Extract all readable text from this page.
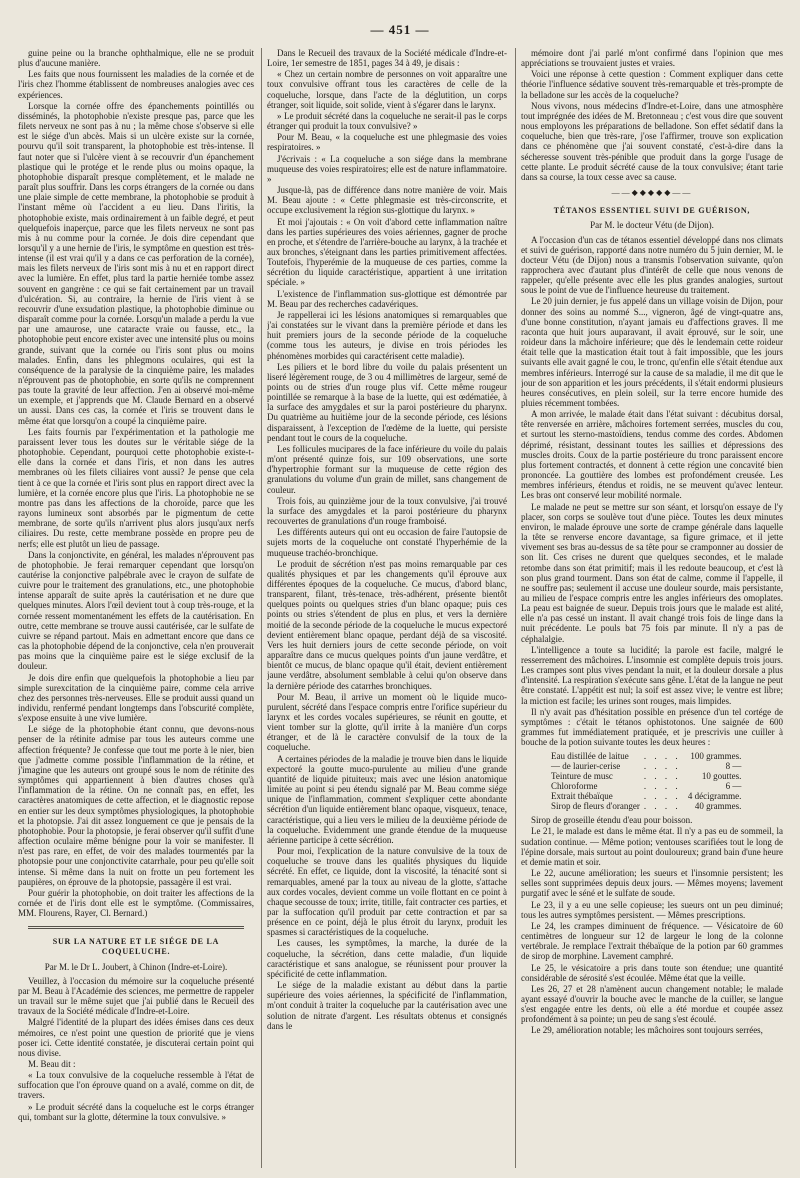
— 451 —

guine peine ou la branche ophthalmique, elle ne se produit plus d'aucune manière.

Les faits que nous fournissent les maladies de la cornée et de l'iris chez l'homme établissent de nombreuses analogies avec ces expériences.

Lorsque la cornée offre des épanchements pointillés ou disséminés, la photophobie n'existe presque pas, parce que les filets nerveux ne sont pas à nu ; la même chose s'observe si elle est le siége d'un abcès. Mais si un ulcère existe sur la cornée, pourvu qu'il soit transparent, la photophobie est très-intense. Il faut noter que si l'ulcère vient à se recouvrir d'un épanchement plastique qui le protége et le rende plus ou moins opaque, la photophobie disparaît presque complètement, et le malade ne paraît plus souffrir. Dans les corps étrangers de la cornée ou dans une plaie simple de cette membrane, la photophobie se produit à l'instant même où l'accident a eu lieu. Dans l'iritis, la photophobie existe, mais ordinairement à un faible degré, et peut quelquefois inaperçue, parce que les filets nerveux ne sont pas mis à nu comme pour la cornée. Je dois dire cependant que lorsqu'il y a une hernie de l'iris, le symptôme en question est très-intense (il est vrai qu'il y a dans ce cas perforation de la cornée), mais les filets nerveux de l'iris sont mis à nu et en rapport direct avec la lumière. En effet, plus tard la partie herniée tombe assez souvent en gangrène : ce qui se fait certainement par un travail d'ulcération. Si, au contraire, la hernie de l'iris vient à se recouvrir d'une exsudation plastique, la photophobie diminue ou disparaît comme pour la cornée. Lorsqu'un malade a perdu la vue par une amaurose, une cataracte vraie ou fausse, etc., la photophobie peut encore exister avec une intensité plus ou moins grande, suivant que la cornée ou l'iris sont plus ou moins malades. Enfin, dans les phlegmons oculaires, qui est la conséquence de la paralysie de la cinquième paire, les malades n'éprouvent pas de photophobie, en sorte qu'ils ne comprennent pas toute la gravité de leur affection. J'en ai observé moi-même un exemple, et j'apprends que M. Claude Bernard en a observé un aussi. Dans ces cas, la cornée et l'iris se trouvent dans le même état que lorsqu'on a coupé la cinquième paire.

Les faits fournis par l'expérimentation et la pathologie me paraissent lever tous les doutes sur le véritable siége de la photophobie. Cependant, pourquoi cette photophobie existe-t-elle dans la cornée et dans l'iris, et non dans les autres membranes où les filets ciliaires vont aussi? Je pense que cela tient à ce que la cornée et l'iris sont plus en rapport direct avec la lumière, et la cornée encore plus que l'iris. La photophobie ne se montre pas dans les affections de la choroïde, parce que les rayons lumineux sont absorbés par le pigmentum de cette membrane, de sorte qu'ils n'arrivent plus alors jusqu'aux nerfs ciliaires. Du reste, cette membrane possède en propre peu de nerfs; elle est plutôt un lieu de passage.

Dans la conjonctivite, en général, les malades n'éprouvent pas de photophobie. Je ferai remarquer cependant que lorsqu'on cautérise la conjonctive palpébrale avec le crayon de sulfate de cuivre pour le traitement des granulations, etc., une photophobie intense apparaît de suite après la cautérisation et ne dure que quelques minutes. Alors l'œil devient tout à coup très-rouge, et la cornée ressent momentanément les effets de la cautérisation. En outre, cette membrane se trouve aussi cautérisée, car le sulfate de cuivre se répand partout. Mais en admettant encore que dans ce cas la photophobie dépend de la conjonctive, cela n'en prouverait pas moins que la cinquième paire est le siége exclusif de la douleur.

Je dois dire enfin que quelquefois la photophobie a lieu par simple surexcitation de la cinquième paire, comme cela arrive chez des personnes très-nerveuses. Elle se produit aussi quand un individu, renfermé pendant longtemps dans l'obscurité complète, s'expose ensuite à une vive lumière.

Le siége de la photophobie étant connu, que devons-nous penser de la rétinite admise par tous les auteurs comme une affection fréquente? Je confesse que tout me porte à le nier, bien que j'admette comme possible l'inflammation de la rétine, et j'imagine que les auteurs ont groupé sous le nom de rétinite des symptômes qui appartiennent à bien d'autres choses qu'à l'inflammation de la rétine. On ne connaît pas, en effet, les caractères anatomiques de cette affection, et le diagnostic repose en entier sur les deux symptômes physiologiques, la photophobie et la photopsie. J'ai dit assez longuement ce que je pensais de la photophobie. Pour la photopsie, je ferai observer qu'il suffit d'une affection oculaire même bénigne pour la voir se manifester. Il n'est pas rare, en effet, de voir des malades tourmentés par la photopsie pour une conjonctivite catarrhale, pour peu qu'elle soit intense. Si même dans la nuit on frotte un peu fortement les paupières, on éprouve de la photopsie, passagère il est vrai.

Pour guérir la photophobie, on doit traiter les affections de la cornée et de l'iris dont elle est le symptôme. (Commissaires, MM. Flourens, Rayer, Cl. Bernard.)

SUR LA NATURE ET LE SIÉGE DE LA COQUELUCHE.
Par M. le Dr L. Joubert, à Chinon (Indre-et-Loire).

Veuillez, à l'occasion du mémoire sur la coqueluche présenté par M. Beau à l'Académie des sciences, me permettre de rappeler un travail sur le même sujet que j'ai publié dans le Recueil des travaux de la Société médicale d'Indre-et-Loire.

Malgré l'identité de la plupart des idées émises dans ces deux mémoires, ce n'est point une question de priorité que je viens poser ici. Cette identité constatée, je discuterai certain point qui nous divise.

M. Beau dit :

« La toux convulsive de la coqueluche ressemble à l'état de suffocation que l'on éprouve quand on a avalé, comme on dit, de travers.

» Le produit sécrété dans la coqueluche est le corps étranger qui, tombant sur la glotte, détermine la toux convulsive. »

Dans le Recueil des travaux de la Société médicale d'Indre-et-Loire, 1er semestre de 1851, pages 34 à 49, je disais :

« Chez un certain nombre de personnes on voit apparaître une toux convulsive offrant tous les caractères de celle de la coqueluche, lorsque, dans l'acte de la déglutition, un corps étranger, soit liquide, soit solide, vient à s'égarer dans le larynx.

» Le produit sécrété dans la coqueluche ne serait-il pas le corps étranger qui produit la toux convulsive? »

Pour M. Beau, « la coqueluche est une phlegmasie des voies respiratoires. »

J'écrivais : « La coqueluche a son siége dans la membrane muqueuse des voies respiratoires; elle est de nature inflammatoire. »

Jusque-là, pas de différence dans notre manière de voir. Mais M. Beau ajoute : « Cette phlegmasie est très-circonscrite, et occupe exclusivement la région sus-glottique du larynx. »

Et moi j'ajoutais : « On voit d'abord cette inflammation naître dans les parties supérieures des voies aériennes, gagner de proche en proche, et s'étendre de l'arrière-bouche au larynx, à la trachée et aux bronches, s'éteignant dans les parties primitivement affectées. Toutefois, l'hyperémie de la muqueuse de ces parties, comme la sécrétion du liquide caractéristique, appartient à une irritation spéciale. »

L'existence de l'inflammation sus-glottique est démontrée par M. Beau par des recherches cadavériques.

Je rappellerai ici les lésions anatomiques si remarquables que j'ai constatées sur le vivant dans la première période et dans les huit premiers jours de la seconde période de la coqueluche (comme tous les auteurs, je divise en trois périodes les phénomènes morbides qui caractérisent cette maladie).

Les piliers et le bord libre du voile du palais présentent un liseré légèrement rouge, de 3 ou 4 millimètres de largeur, semé de points ou de stries d'un rouge plus vif. Cette même rougeur pointillée se remarque à la base de la luette, qui est œdématiée, à la surface des amygdales et sur la paroi postérieure du pharynx. Du quatrième au huitième jour de la seconde période, ces lésions disparaissent, à l'exception de l'œdème de la luette, qui persiste pendant tout le cours de la coqueluche.

Les follicules mucipares de la face inférieure du voile du palais m'ont présenté quinze fois, sur 109 observations, une sorte d'hypertrophie formant sur la muqueuse de cette région des granulations du volume d'un grain de millet, sans changement de couleur.

Trois fois, au quinzième jour de la toux convulsive, j'ai trouvé la surface des amygdales et la paroi postérieure du pharynx recouvertes de granulations d'un rouge framboisé.

Les différents auteurs qui ont eu occasion de faire l'autopsie de sujets morts de la coqueluche ont constaté l'hyperhémie de la muqueuse trachéo-bronchique.

Le produit de sécrétion n'est pas moins remarquable par ces qualités physiques et par les changements qu'il éprouve aux différentes époques de la coqueluche. Ce mucus, d'abord blanc, transparent, filant, très-tenace, très-adhérent, présente bientôt quelques points ou quelques stries d'un blanc opaque; puis ces points ou stries s'étendent de plus en plus, et vers la dernière moitié de la seconde période de la coqueluche le mucus expectoré devient entièrement blanc opaque, perdant déjà de sa viscosité. Vers les huit derniers jours de cette seconde période, on voit apparaître dans ce mucus quelques points d'un jaune verdâtre, et bientôt ce mucus, de blanc opaque qu'il était, devient entièrement jaune verdâtre, absolument semblable à celui qu'on observe dans la dernière période des catarrhes bronchiques.

Pour M. Beau, il arrive un moment où le liquide muco-purulent, sécrété dans l'espace compris entre l'orifice supérieur du larynx et les cordes vocales supérieures, se réunit en goutte, et vient tomber sur la glotte, qu'il irrite à la manière d'un corps étranger, et de là le caractère convulsif de la toux de la coqueluche.

A certaines périodes de la maladie je trouve bien dans le liquide expectoré la goutte muco-purulente au milieu d'une grande quantité de liquide pituiteux; mais avec une lésion anatomique limitée au point si peu étendu signalé par M. Beau comme siége unique de l'inflammation, comment s'expliquer cette abondante sécrétion d'un liquide entièrement blanc opaque, visqueux, tenace, caractéristique, qui a lieu vers le milieu de la deuxième période de la coqueluche. Evidemment une grande étendue de la muqueuse aérienne participe à cette sécrétion.

Pour moi, l'explication de la nature convulsive de la toux de coqueluche se trouve dans les qualités physiques du liquide sécrété. En effet, ce liquide, dont la viscosité, la ténacité sont si remarquables, amené par la toux au niveau de la glotte, s'attache aux cordes vocales, devient comme un voile flottant en ce point à chaque secousse de toux; irrite, titille, fait contracter ces parties, et par la suffocation qu'il produit par cette contraction et par sa présence en ce point, déjà le plus étroit du larynx, produit les spasmes si caractéristiques de la coqueluche.

Les causes, les symptômes, la marche, la durée de la coqueluche, la sécrétion, dans cette maladie, d'un liquide caractéristique et sans analogue, se réunissent pour prouver la spécificité de cette inflammation.

Le siége de la maladie existant au début dans la partie supérieure des voies aériennes, la spécificité de l'inflammation, m'ont conduit à traiter la coqueluche par la cautérisation avec une solution de nitrate d'argent. Les résultats obtenus et consignés dans le

mémoire dont j'ai parlé m'ont confirmé dans l'opinion que mes appréciations se trouvaient justes et vraies.

Voici une réponse à cette question : Comment expliquer dans cette théorie l'influence sédative souvent très-remarquable et très-prompte de la belladone sur les accès de la coqueluche?

Nous vivons, nous médecins d'Indre-et-Loire, dans une atmosphère tout imprégnée des idées de M. Bretonneau ; c'est vous dire que souvent nous employons les préparations de belladone. Son effet sédatif dans la coqueluche, bien que très-rare, j'ose l'affirmer, trouve son explication dans ce phénomène que j'ai souvent constaté, c'est-à-dire dans la sécheresse souvent très-pénible que produit dans la gorge l'usage de cette plante. Le produit sécrété cause de la toux convulsive; étant tarie dans sa course, la toux cesse avec sa cause.

——◆◆◆◆◆——
TÉTANOS ESSENTIEL SUIVI DE GUÉRISON,
Par M. le docteur Vétu (de Dijon).

A l'occasion d'un cas de tétanos essentiel développé dans nos climats et suivi de guérison, rapporté dans notre numéro du 5 juin dernier, M. le docteur Vétu (de Dijon) nous a transmis l'observation suivante, qu'on rapprochera avec d'autant plus d'intérêt de celle que nous venons de rappeler, qu'elle présente avec elle les plus grandes analogies, surtout sous le point de vue de l'influence heureuse du traitement.

Le 20 juin dernier, je fus appelé dans un village voisin de Dijon, pour donner des soins au nommé S..., vigneron, âgé de vingt-quatre ans, d'une bonne constitution, n'ayant jamais eu d'affections graves. Il me raconta que huit jours auparavant, il avait éprouvé, sur le soir, une roideur dans la mâchoire inférieure; que dès le lendemain cette roideur était telle que la mastication était tout à fait impossible, que les jours suivants elle avait gagné le cou, le tronc, qu'enfin elle s'était étendue aux membres inférieurs. Interrogé sur la cause de sa maladie, il me dit que le jour de son apparition et les jours précédents, il s'était endormi plusieurs heures consécutives, en plein soleil, sur la terre encore humide des pluies récemment tombées.

A mon arrivée, le malade était dans l'état suivant : décubitus dorsal, tête renversée en arrière, mâchoires fortement serrées, muscles du cou, et surtout les sterno-mastoïdiens, tendus comme des cordes. Abdomen déprimé, résistant, dessinant toutes les saillies et dépressions des muscles droits. Coux de la partie postérieure du tronc paraissent encore plus fortement contractés, et donnent à cette région une concavité bien prononcée. La gouttière des lombes est profondément creusée. Les membres inférieurs, étendus et roidis, ne se meuvent qu'avec lenteur. Les bras ont conservé leur mobilité normale.

Le malade ne peut se mettre sur son séant, et lorsqu'on essaye de l'y placer, son corps se soulève tout d'une pièce. Toutes les deux minutes environ, le malade éprouve une sorte de crampe générale dans laquelle la tête se renverse encore davantage, sa figure grimace, et il jette vivement ses bras au-dessus de sa tête pour se cramponner au dossier de son lit. Ces crises ne durent que quelques secondes, et le malade retombe dans son état primitif; mais il les redoute beaucoup, et c'est là son plus grand tourment. Dans son état de calme, comme il l'appelle, il ne souffre pas; seulement il accuse une douleur sourde, mais persistante, au milieu de l'espace compris entre les angles inférieurs des omoplates. La peau est baignée de sueur. Depuis trois jours que le malade est alité, elle n'a pas cessé un instant. Il avait changé trois fois de linge dans la nuit précédente. Le pouls bat 75 fois par minute. Il n'y a pas de céphalalgie.

L'intelligence a toute sa lucidité; la parole est facile, malgré le resserrement des mâchoires. L'insomnie est complète depuis trois jours. Les crampes sont plus vives pendant la nuit, et la douleur dorsale a plus d'intensité. La respiration s'exécute sans gêne. L'état de la langue ne peut être constaté. L'appétit est nul; la soif est assez vive; le ventre est libre; la miction est facile; les urines sont rouges, mais limpides.

Il n'y avait pas d'hésitation possible en présence d'un tel cortége de symptômes : c'était le tétanos ophistotonos. Une saignée de 600 grammes fut immédiatement pratiquée, et je prescrivis une cuiller à bouche de la potion suivante toutes les deux heures :

Eau distillée de laitue	. . . .	100 grammes.
— de laurier-cerise	. . . .	8 —
Teinture de musc	. . . .	10 gouttes.
Chloroforme	. . . .	6 —
Extrait thébaïque	. . . .	4 décigramme.
Sirop de fleurs d'oranger	. . . .	40 grammes.

Sirop de groseille étendu d'eau pour boisson.

Le 21, le malade est dans le même état. Il n'y a pas eu de sommeil, la sudation continue. — Même potion; ventouses scarifiées tout le long de l'épine dorsale, mais surtout au point douloureux; grand bain d'une heure et demie matin et soir.

Le 22, aucune amélioration; les sueurs et l'insomnie persistent; les selles sont supprimées depuis deux jours. — Mêmes moyens; lavement purgatif avec le séné et le sulfate de soude.

Le 23, il y a eu une selle copieuse; les sueurs ont un peu diminué; tous les autres symptômes persistent. — Mêmes prescriptions.

Le 24, les crampes diminuent de fréquence. — Vésicatoire de 60 centimètres de longueur sur 12 de largeur le long de la colonne vertébrale. Je remplace l'extrait thébaïque de la potion par 60 grammes de sirop de morphine. Lavement camphré.

Le 25, le vésicatoire a pris dans toute son étendue; une quantité considérable de sérosité s'est écoulée. Même état que la veille.

Les 26, 27 et 28 n'amènent aucun changement notable; le malade ayant essayé d'ouvrir la bouche avec le manche de la cuiller, se langue s'est engagée entre les dents, où elle a été mordue et coupée assez profondément à sa pointe; un peu de sang s'est écoulé.

Le 29, amélioration notable; les mâchoires sont toujours serrées,
